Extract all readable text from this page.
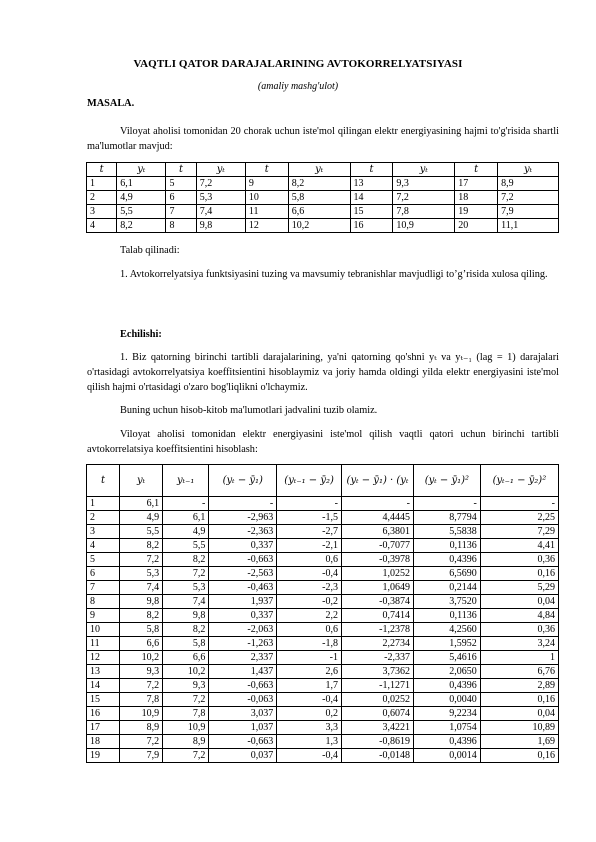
VAQTLI QATOR DARAJALARINING AVTOKORRELYATSIYASI
(amaliy mashg'ulot)
MASALA.
Viloyat aholisi tomonidan 20 chorak uchun iste'mol qilingan elektr energiyasining hajmi to'g'risida shartli ma'lumotlar mavjud:
t	yₜ	t	yₜ	t	yₜ	t	yₜ	t	yₜ
1	6,1	5	7,2	9	8,2	13	9,3	17	8,9
2	4,9	6	5,3	10	5,8	14	7,2	18	7,2
3	5,5	7	7,4	11	6,6	15	7,8	19	7,9
4	8,2	8	9,8	12	10,2	16	10,9	20	11,1
Talab qilinadi:
1. Avtokorrelyatsiya funktsiyasini tuzing va mavsumiy tebranishlar mavjudligi to’g’risida xulosa qiling.
Echilishi:
1. Biz qatorning birinchi tartibli darajalarining, ya'ni qatorning qo'shni yₜ va yₜ₋₁ (lag = 1) darajalari o'rtasidagi avtokorrelyatsiya koeffitsientini hisoblaymiz va joriy hamda oldingi yilda elektr energiyasini iste'mol qilish hajmi o'rtasidagi o'zaro bog'liqlikni o'lchaymiz.
Buning uchun hisob-kitob ma'lumotlari jadvalini tuzib olamiz.
Viloyat aholisi tomonidan elektr energiyasini iste'mol qilish vaqtli qatori uchun birinchi tartibli avtokorrelatsiya koeffitsientini hisoblash:
t	yₜ	yₜ₋₁	(yₜ − ȳ₁)	(yₜ₋₁ − ȳ₂)	(yₜ − ȳ₁) · (yₜ	(yₜ − ȳ₁)²	(yₜ₋₁ − ȳ₂)²
1	6,1	-	-	-	-	-	-
2	4,9	6,1	-2,963	-1,5	4,4445	8,7794	2,25
3	5,5	4,9	-2,363	-2,7	6,3801	5,5838	7,29
4	8,2	5,5	0,337	-2,1	-0,7077	0,1136	4,41
5	7,2	8,2	-0,663	0,6	-0,3978	0,4396	0,36
6	5,3	7,2	-2,563	-0,4	1,0252	6,5690	0,16
7	7,4	5,3	-0,463	-2,3	1,0649	0,2144	5,29
8	9,8	7,4	1,937	-0,2	-0,3874	3,7520	0,04
9	8,2	9,8	0,337	2,2	0,7414	0,1136	4,84
10	5,8	8,2	-2,063	0,6	-1,2378	4,2560	0,36
11	6,6	5,8	-1,263	-1,8	2,2734	1,5952	3,24
12	10,2	6,6	2,337	-1	-2,337	5,4616	1
13	9,3	10,2	1,437	2,6	3,7362	2,0650	6,76
14	7,2	9,3	-0,663	1,7	-1,1271	0,4396	2,89
15	7,8	7,2	-0,063	-0,4	0,0252	0,0040	0,16
16	10,9	7,8	3,037	0,2	0,6074	9,2234	0,04
17	8,9	10,9	1,037	3,3	3,4221	1,0754	10,89
18	7,2	8,9	-0,663	1,3	-0,8619	0,4396	1,69
19	7,9	7,2	0,037	-0,4	-0,0148	0,0014	0,16
